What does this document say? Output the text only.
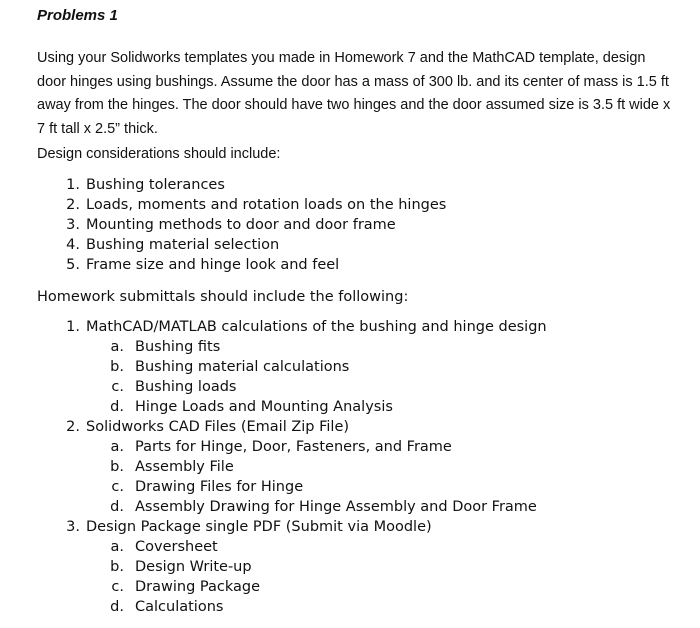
Problems 1

Using your Solidworks templates you made in Homework 7 and the MathCAD template, design door hinges using bushings. Assume the door has a mass of 300 lb. and its center of mass is 1.5 ft away from the hinges. The door should have two hinges and the door assumed size is 3.5 ft wide x 7 ft tall x 2.5” thick.

Design considerations should include:
1. Bushing tolerances
2. Loads, moments and rotation loads on the hinges
3. Mounting methods to door and door frame
4. Bushing material selection
5. Frame size and hinge look and feel
Homework submittals should include the following:
1. MathCAD/MATLAB calculations of the bushing and hinge design
a. Bushing fits
b. Bushing material calculations
c. Bushing loads
d. Hinge Loads and Mounting Analysis
2. Solidworks CAD Files (Email Zip File)
a. Parts for Hinge, Door, Fasteners, and Frame
b. Assembly File
c. Drawing Files for Hinge
d. Assembly Drawing for Hinge Assembly and Door Frame
3. Design Package single PDF (Submit via Moodle)
a. Coversheet
b. Design Write-up
c. Drawing Package
d. Calculations
